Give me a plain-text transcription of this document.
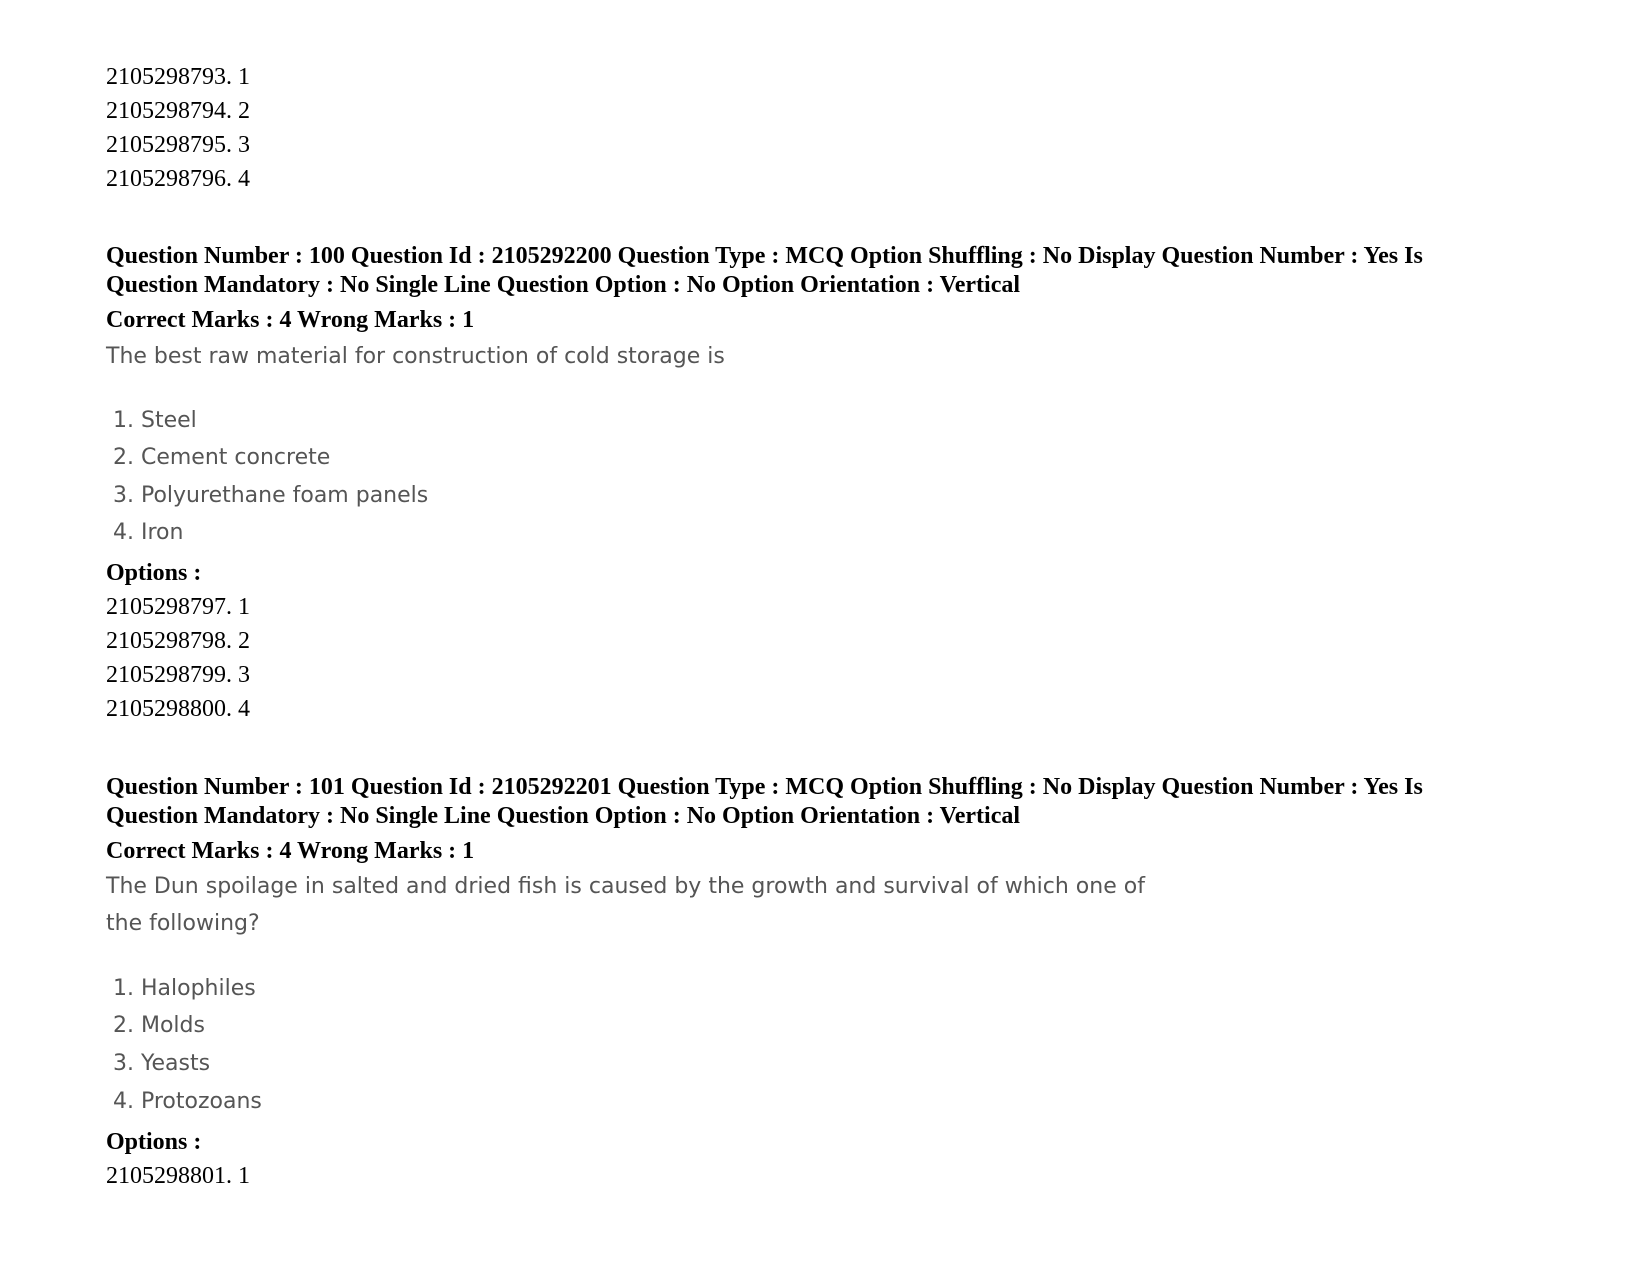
2105298793. 1
2105298794. 2
2105298795. 3
2105298796. 4
Question Number : 100 Question Id : 2105292200 Question Type : MCQ Option Shuffling : No Display Question Number : Yes Is
Question Mandatory : No Single Line Question Option : No Option Orientation : Vertical
Correct Marks : 4 Wrong Marks : 1
The best raw material for construction of cold storage is
1. Steel
2. Cement concrete
3. Polyurethane foam panels
4. Iron
Options :
2105298797. 1
2105298798. 2
2105298799. 3
2105298800. 4
Question Number : 101 Question Id : 2105292201 Question Type : MCQ Option Shuffling : No Display Question Number : Yes Is
Question Mandatory : No Single Line Question Option : No Option Orientation : Vertical
Correct Marks : 4 Wrong Marks : 1
The Dun spoilage in salted and dried fish is caused by the growth and survival of which one of
the following?
1. Halophiles
2. Molds
3. Yeasts
4. Protozoans
Options :
2105298801. 1
